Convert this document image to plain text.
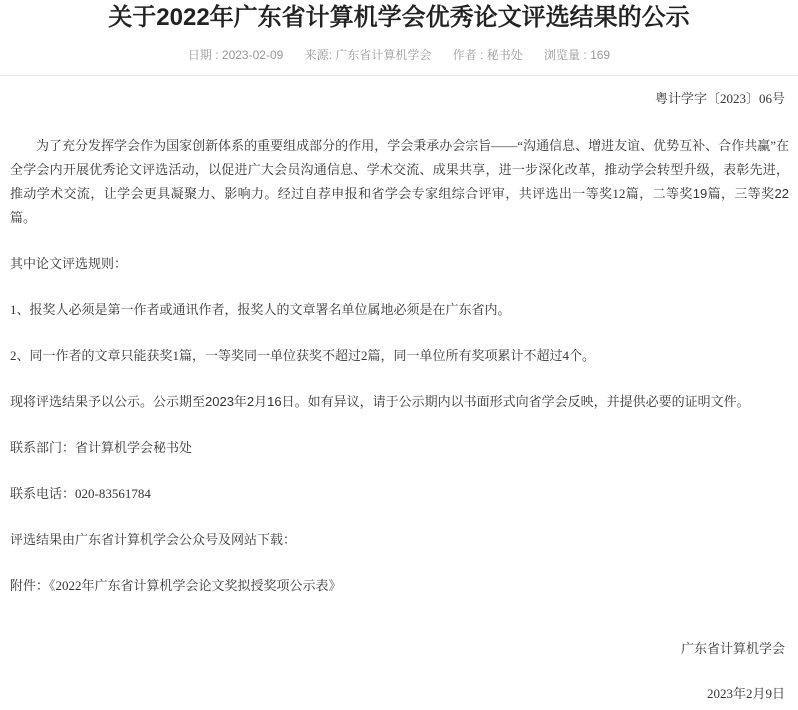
关于2022年广东省计算机学会优秀论文评选结果的公示
日期 : 2023-02-09 来源: 广东省计算机学会 作者 : 秘书处 浏览量 : 169
粤计学字〔2023〕06号

为了充分发挥学会作为国家创新体系的重要组成部分的作用，学会秉承办会宗旨——“沟通信息、增进友谊、优势互补、合作共赢”在全学会内开展优秀论文评选活动，以促进广大会员沟通信息、学术交流、成果共享，进一步深化改革，推动学会转型升级，表彰先进，推动学术交流，让学会更具凝聚力、影响力。经过自荐申报和省学会专家组综合评审，共评选出一等奖12篇，二等奖19篇，三等奖22篇。

其中论文评选规则：

1、报奖人必须是第一作者或通讯作者，报奖人的文章署名单位属地必须是在广东省内。

2、同一作者的文章只能获奖1篇，一等奖同一单位获奖不超过2篇，同一单位所有奖项累计不超过4个。

现将评选结果予以公示。公示期至2023年2月16日。如有异议，请于公示期内以书面形式向省学会反映，并提供必要的证明文件。

联系部门：省计算机学会秘书处

联系电话：020-83561784

评选结果由广东省计算机学会公众号及网站下载：

附件：《2022年广东省计算机学会论文奖拟授奖项公示表》

广东省计算机学会
2023年2月9日
